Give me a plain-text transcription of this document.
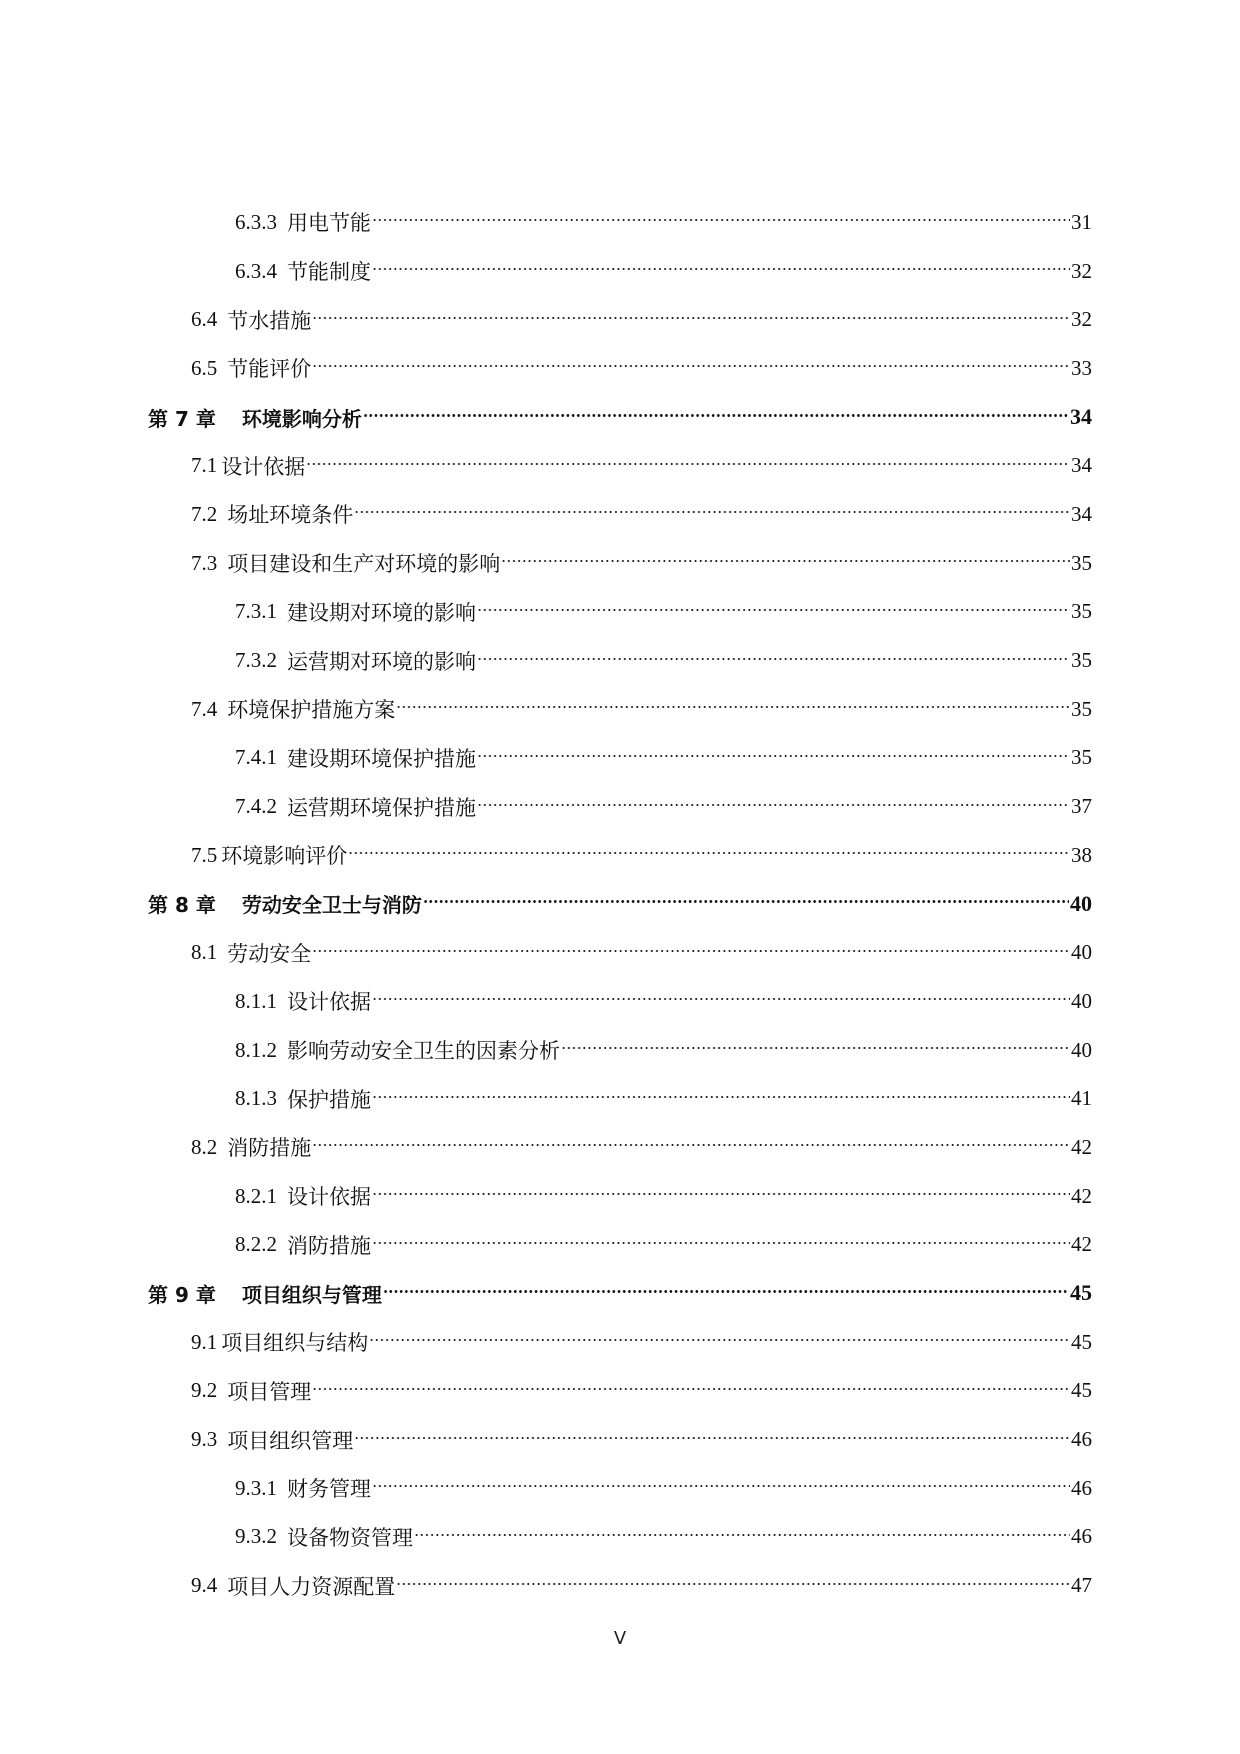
6.3.3 用电节能	31
6.3.4 节能制度	32
6.4 节水措施	32
6.5 节能评价	33
第 7 章 环境影响分析	34
7.1 设计依据	34
7.2 场址环境条件	34
7.3 项目建设和生产对环境的影响	35
7.3.1 建设期对环境的影响	35
7.3.2 运营期对环境的影响	35
7.4 环境保护措施方案	35
7.4.1 建设期环境保护措施	35
7.4.2 运营期环境保护措施	37
7.5 环境影响评价	38
第 8 章 劳动安全卫士与消防	40
8.1 劳动安全	40
8.1.1 设计依据	40
8.1.2 影响劳动安全卫生的因素分析	40
8.1.3 保护措施	41
8.2 消防措施	42
8.2.1 设计依据	42
8.2.2 消防措施	42
第 9 章 项目组织与管理	45
9.1 项目组织与结构	45
9.2 项目管理	45
9.3 项目组织管理	46
9.3.1 财务管理	46
9.3.2 设备物资管理	46
9.4 项目人力资源配置	47
V
